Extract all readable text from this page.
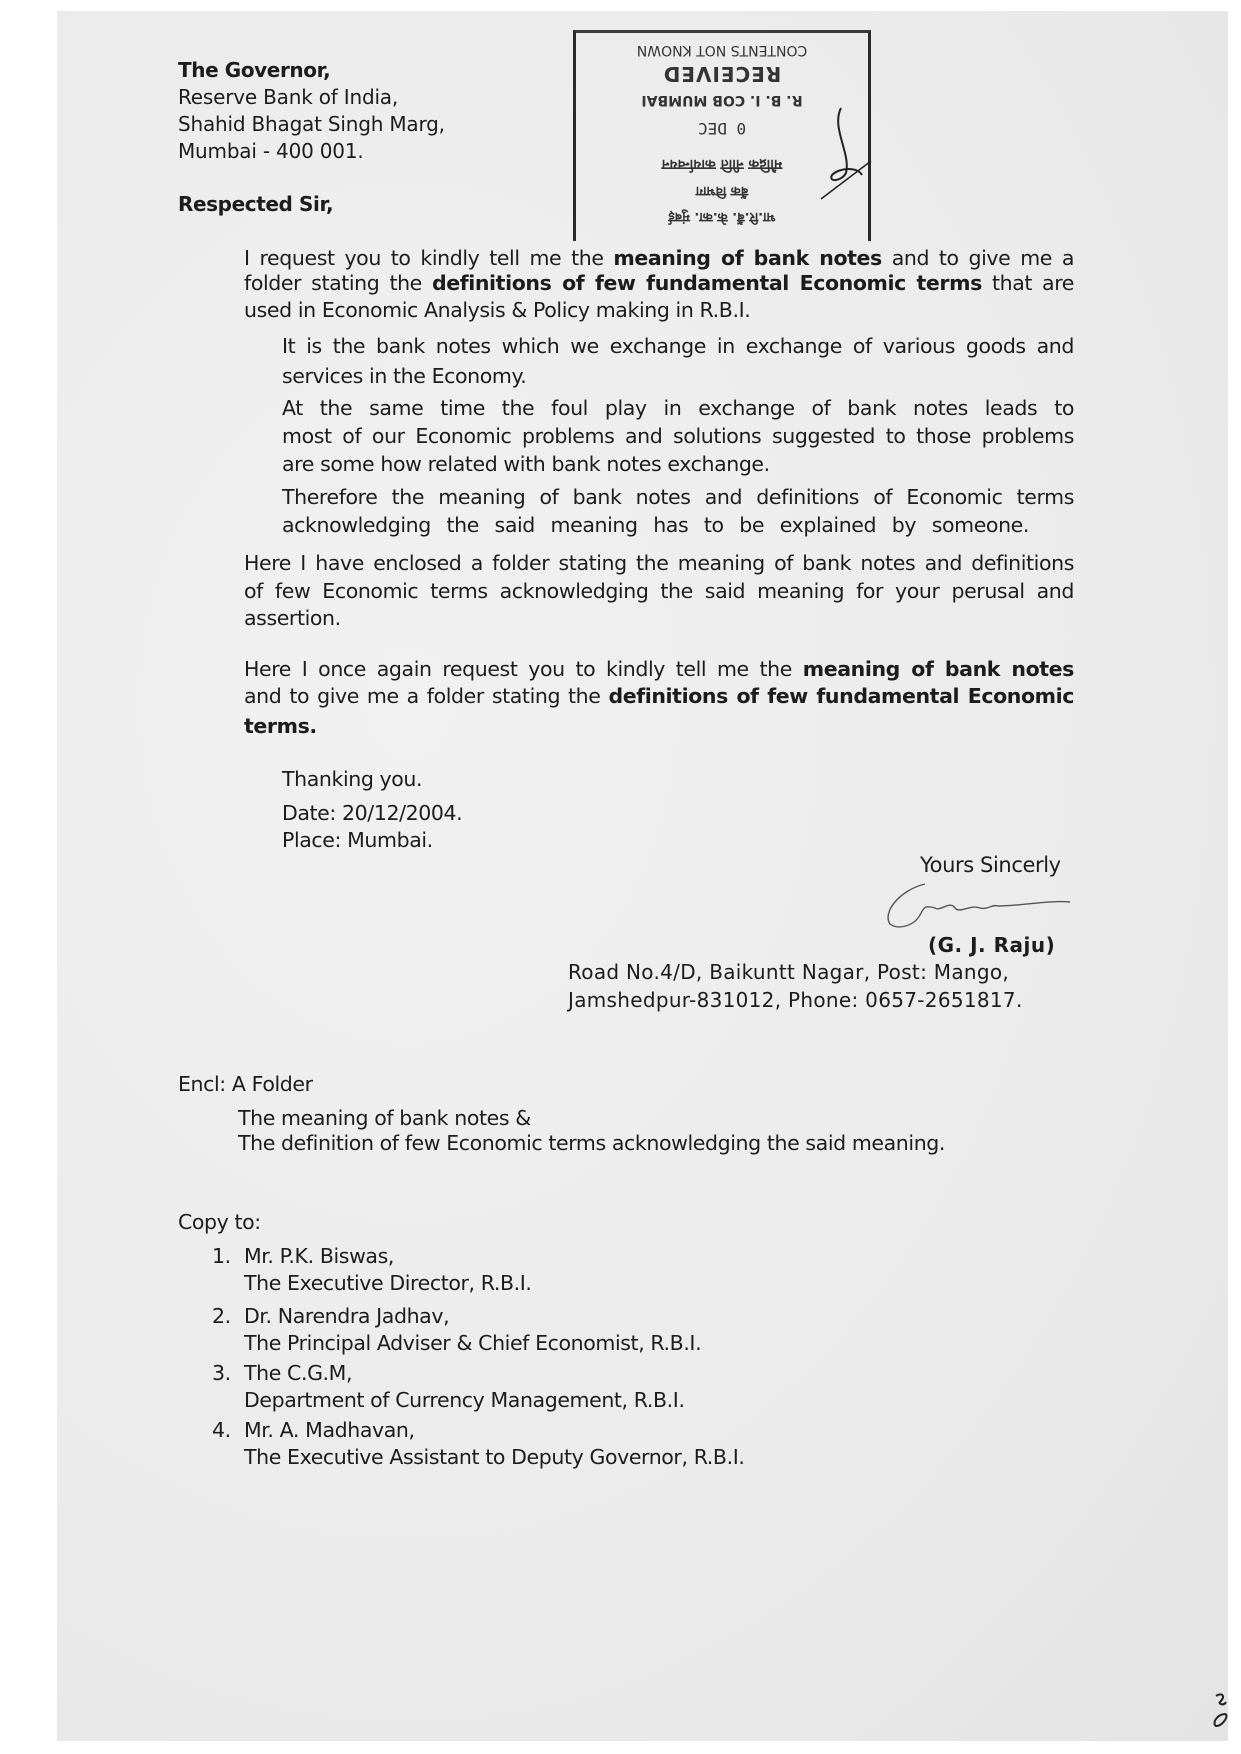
The Governor,
Reserve Bank of India,
Shahid Bhagat Singh Marg,
Mumbai - 400 001.
Respected Sir,
CONTENTS NOT KNOWN
RECEIVED
R. B. I. COB MUMBAI
0 DEC
मौद्रिक नीति कार्यान्वयन
बैंक विभाग
भा.रि.बैं. के.का. मुंबई
I request you to kindly tell me the meaning of bank notes and to give me a
folder stating the definitions of few fundamental Economic terms that are
used in Economic Analysis & Policy making in R.B.I.
It is the bank notes which we exchange in exchange of various goods and
services in the Economy.
At the same time the foul play in exchange of bank notes leads to
most of our Economic problems and solutions suggested to those problems
are some how related with bank notes exchange.
Therefore the meaning of bank notes and definitions of Economic terms
acknowledging the said meaning has to be explained by someone.
Here I have enclosed a folder stating the meaning of bank notes and definitions
of few Economic terms acknowledging the said meaning for your perusal and
assertion.
Here I once again request you to kindly tell me the meaning of bank notes
and to give me a folder stating the definitions of few fundamental Economic
terms.
Thanking you.
Date: 20/12/2004.
Place: Mumbai.
Yours Sincerly
(G. J. Raju)
Road No.4/D, Baikuntt Nagar, Post: Mango,
Jamshedpur-831012, Phone: 0657-2651817.
Encl: A Folder
The meaning of bank notes &
The definition of few Economic terms acknowledging the said meaning.
Copy to:
1. Mr. P.K. Biswas,
The Executive Director, R.B.I.
2. Dr. Narendra Jadhav,
The Principal Adviser & Chief Economist, R.B.I.
3. The C.G.M,
Department of Currency Management, R.B.I.
4. Mr. A. Madhavan,
The Executive Assistant to Deputy Governor, R.B.I.
